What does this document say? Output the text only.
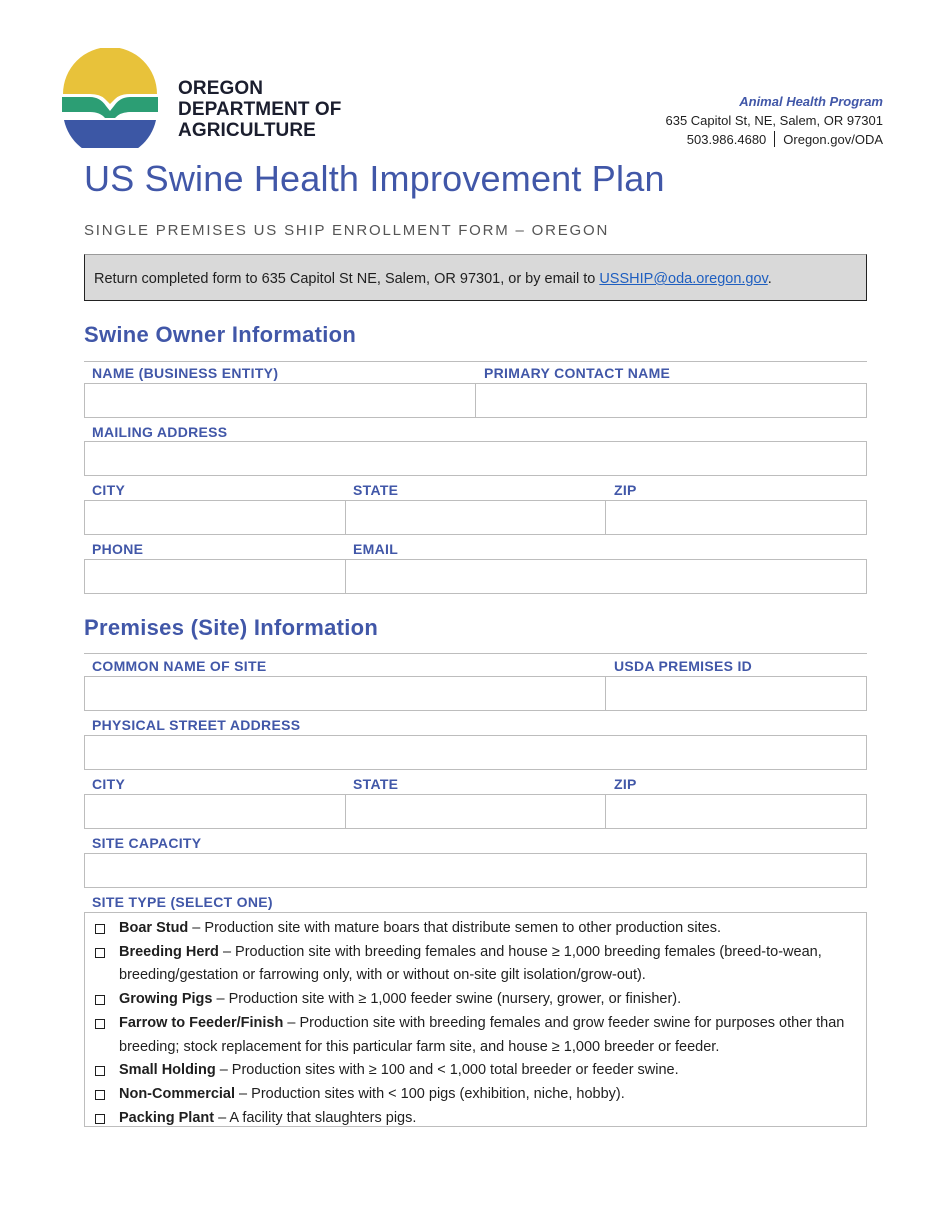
OREGON
DEPARTMENT OF
AGRICULTURE
Animal Health Program
635 Capitol St, NE, Salem, OR 97301
503.986.4680 Oregon.gov/ODA
US Swine Health Improvement Plan
SINGLE PREMISES US SHIP ENROLLMENT FORM – OREGON
Return completed form to 635 Capitol St NE, Salem, OR 97301, or by email to USSHIP@oda.oregon.gov.
Swine Owner Information
NAME (BUSINESS ENTITY)	PRIMARY CONTACT NAME
MAILING ADDRESS
CITY	STATE	ZIP
PHONE	EMAIL
Premises (Site) Information
COMMON NAME OF SITE	USDA PREMISES ID
PHYSICAL STREET ADDRESS
CITY	STATE	ZIP
SITE CAPACITY
SITE TYPE (SELECT ONE)
Boar Stud – Production site with mature boars that distribute semen to other production sites.
Breeding Herd – Production site with breeding females and house ≥ 1,000 breeding females (breed-to-wean, breeding/gestation or farrowing only, with or without on-site gilt isolation/grow-out).
Growing Pigs – Production site with ≥ 1,000 feeder swine (nursery, grower, or finisher).
Farrow to Feeder/Finish – Production site with breeding females and grow feeder swine for purposes other than breeding; stock replacement for this particular farm site, and house ≥ 1,000 breeder or feeder.
Small Holding – Production sites with ≥ 100 and < 1,000 total breeder or feeder swine.
Non-Commercial – Production sites with < 100 pigs (exhibition, niche, hobby).
Packing Plant – A facility that slaughters pigs.
